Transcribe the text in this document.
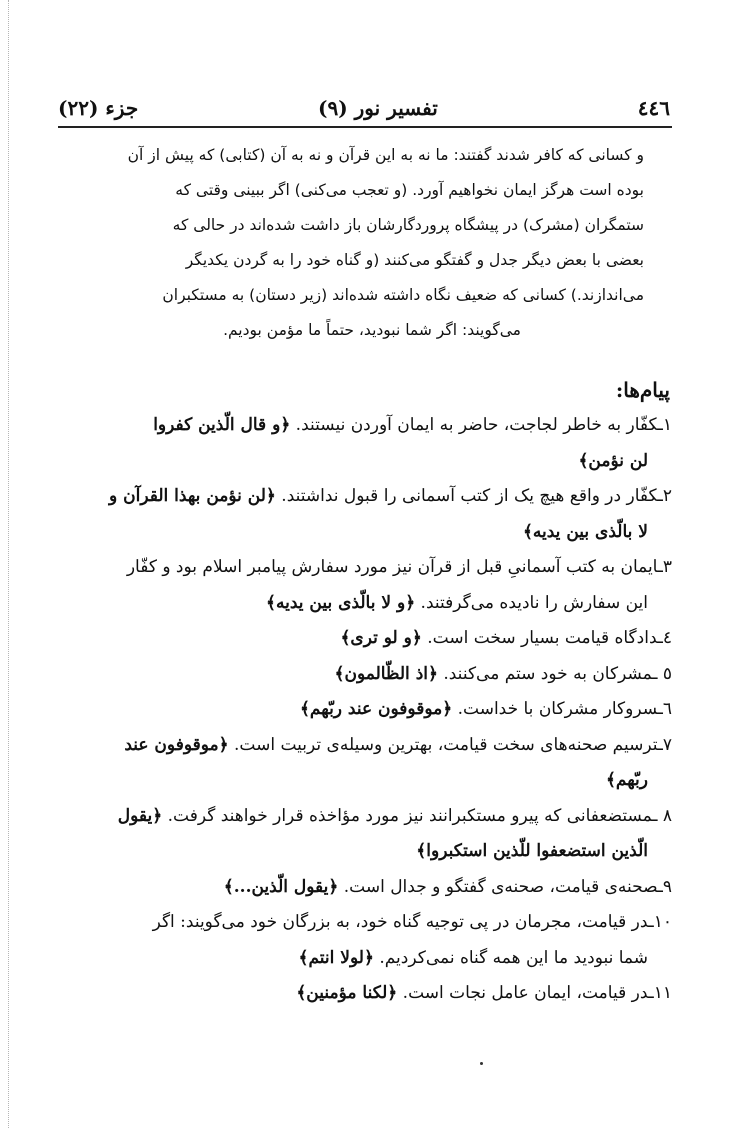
٤٤٦
تفسیر نور (۹)
جزء (۲۲)

و کسانی که کافر شدند گفتند: ما نه به این قرآن و نه به آن (کتابی) که پیش از آن

بوده است هرگز ایمان نخواهیم آورد. (و تعجب می‌کنی) اگر ببینی وقتی که

ستمگران (مشرک) در پیشگاه پروردگارشان باز داشت شده‌اند در حالی که

بعضی با بعض دیگر جدل و گفتگو می‌کنند (و گناه خود را به گردن یکدیگر

می‌اندازند.) کسانی که ضعیف نگاه داشته شده‌اند (زیر دستان) به مستکبران

می‌گویند: اگر شما نبودید، حتماً ما مؤمن بودیم.

پیام‌ها:

۱ـکفّار به خاطر لجاجت، حاضر به ایمان آوردن نیستند. ﴿و قال الّذین کفروا

لن نؤمن﴾

۲ـکفّار در واقع هیچ یک از کتب آسمانی را قبول نداشتند. ﴿لن نؤمن بهذا القرآن و

لا بالّذی بین یدیه﴾

۳ـایمان به کتب آسمانیِ قبل از قرآن نیز مورد سفارش پیامبر اسلام بود و کفّار

این سفارش را نادیده می‌گرفتند. ﴿و لا بالّذی بین یدیه﴾

٤ـدادگاه قیامت بسیار سخت است. ﴿و لو تری﴾

٥ ـمشرکان به خود ستم می‌کنند. ﴿اذ الظّالمون﴾

٦ـسروکار مشرکان با خداست. ﴿موقوفون عند ربّهم﴾

۷ـترسیم صحنه‌های سخت قیامت، بهترین وسیله‌ی تربیت است. ﴿موقوفون عند

ربّهم﴾

۸ ـمستضعفانی که پیرو مستکبرانند نیز مورد مؤاخذه قرار خواهند گرفت. ﴿یقول

الّذین استضعفوا للّذین استکبروا﴾

۹ـصحنه‌ی قیامت، صحنه‌ی گفتگو و جدال است. ﴿یقول الّذین...﴾

۱۰ـدر قیامت، مجرمان در پی توجیه گناه خود، به بزرگان خود می‌گویند: اگر

شما نبودید ما این همه گناه نمی‌کردیم. ﴿لولا انتم﴾

۱۱ـدر قیامت، ایمان عامل نجات است. ﴿لکنا مؤمنین﴾
